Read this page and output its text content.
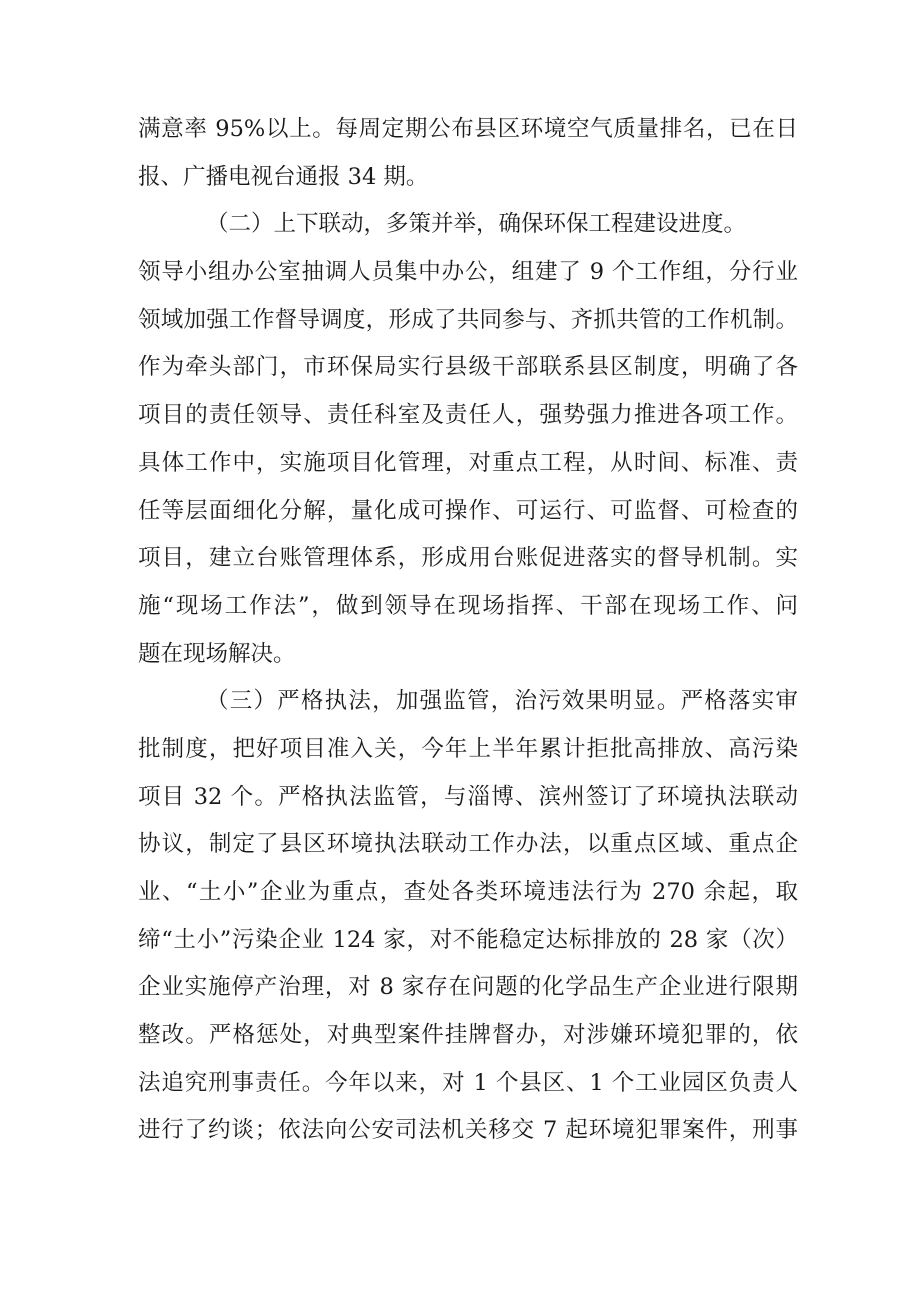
满意率 95%以上。每周定期公布县区环境空气质量排名，已在日
报、广播电视台通报 34 期。
（二）上下联动，多策并举，确保环保工程建设进度。
领导小组办公室抽调人员集中办公，组建了 9 个工作组，分行业
领域加强工作督导调度，形成了共同参与、齐抓共管的工作机制。
作为牵头部门，市环保局实行县级干部联系县区制度，明确了各
项目的责任领导、责任科室及责任人，强势强力推进各项工作。
具体工作中，实施项目化管理，对重点工程，从时间、标准、责
任等层面细化分解，量化成可操作、可运行、可监督、可检查的
项目，建立台账管理体系，形成用台账促进落实的督导机制。实
施“现场工作法”，做到领导在现场指挥、干部在现场工作、问
题在现场解决。
（三）严格执法，加强监管，治污效果明显。严格落实审
批制度，把好项目准入关，今年上半年累计拒批高排放、高污染
项目 32 个。严格执法监管，与淄博、滨州签订了环境执法联动
协议，制定了县区环境执法联动工作办法，以重点区域、重点企
业、“土小”企业为重点，查处各类环境违法行为 270 余起，取
缔“土小”污染企业 124 家，对不能稳定达标排放的 28 家（次）
企业实施停产治理，对 8 家存在问题的化学品生产企业进行限期
整改。严格惩处，对典型案件挂牌督办，对涉嫌环境犯罪的，依
法追究刑事责任。今年以来，对 1 个县区、1 个工业园区负责人
进行了约谈；依法向公安司法机关移交 7 起环境犯罪案件，刑事
